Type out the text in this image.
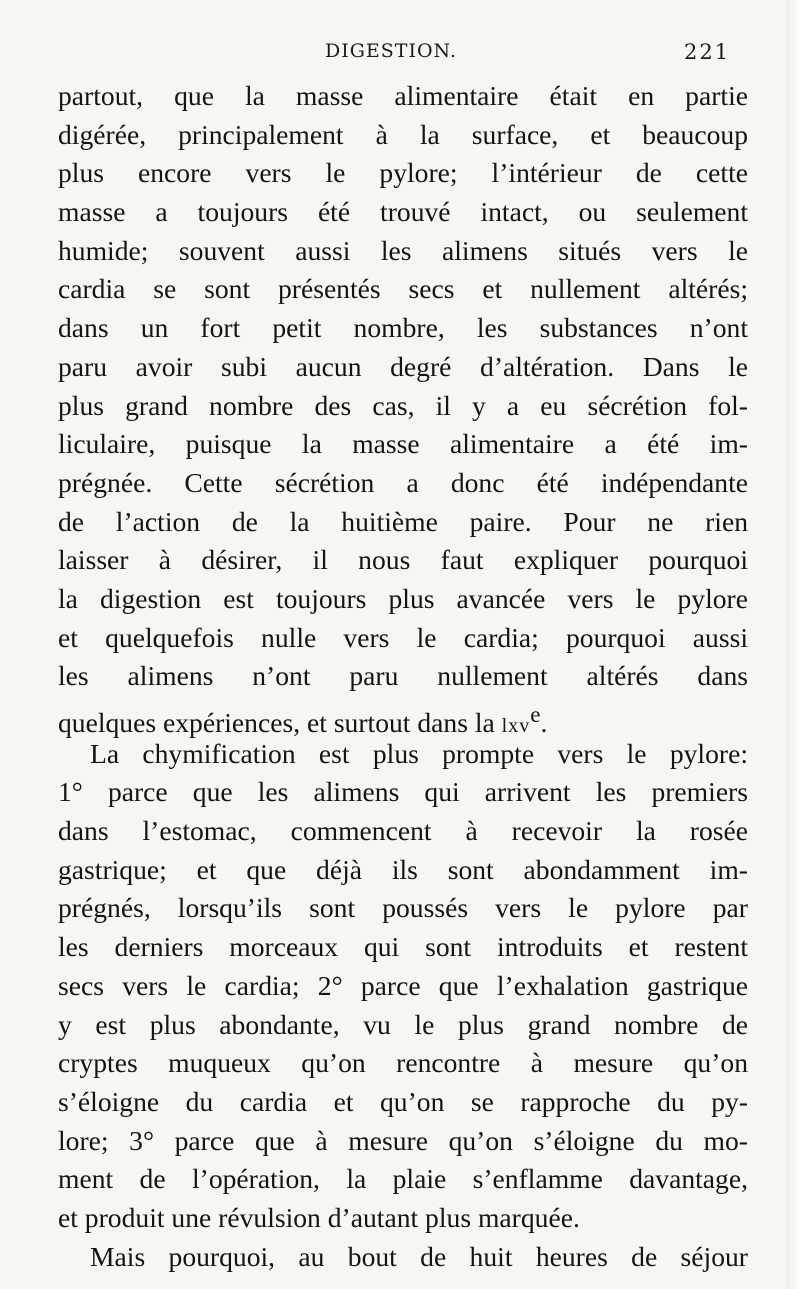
DIGESTION.	221
partout, que la masse alimentaire était en partie
digérée, principalement à la surface, et beaucoup
plus encore vers le pylore; l’intérieur de cette
masse a toujours été trouvé intact, ou seulement
humide; souvent aussi les alimens situés vers le
cardia se sont présentés secs et nullement altérés;
dans un fort petit nombre, les substances n’ont
paru avoir subi aucun degré d’altération. Dans le
plus grand nombre des cas, il y a eu sécrétion fol-
liculaire, puisque la masse alimentaire a été im-
prégnée. Cette sécrétion a donc été indépendante
de l’action de la huitième paire. Pour ne rien
laisser à désirer, il nous faut expliquer pourquoi
la digestion est toujours plus avancée vers le pylore
et quelquefois nulle vers le cardia; pourquoi aussi
les alimens n’ont paru nullement altérés dans
quelques expériences, et surtout dans la lxv$^e$.
La chymification est plus prompte vers le pylore:
1° parce que les alimens qui arrivent les premiers
dans l’estomac, commencent à recevoir la rosée
gastrique; et que déjà ils sont abondamment im-
prégnés, lorsqu’ils sont poussés vers le pylore par
les derniers morceaux qui sont introduits et restent
secs vers le cardia; 2° parce que l’exhalation gastrique
y est plus abondante, vu le plus grand nombre de
cryptes muqueux qu’on rencontre à mesure qu’on
s’éloigne du cardia et qu’on se rapproche du py-
lore; 3° parce que à mesure qu’on s’éloigne du mo-
ment de l’opération, la plaie s’enflamme davantage,
et produit une révulsion d’autant plus marquée.
Mais pourquoi, au bout de huit heures de séjour
